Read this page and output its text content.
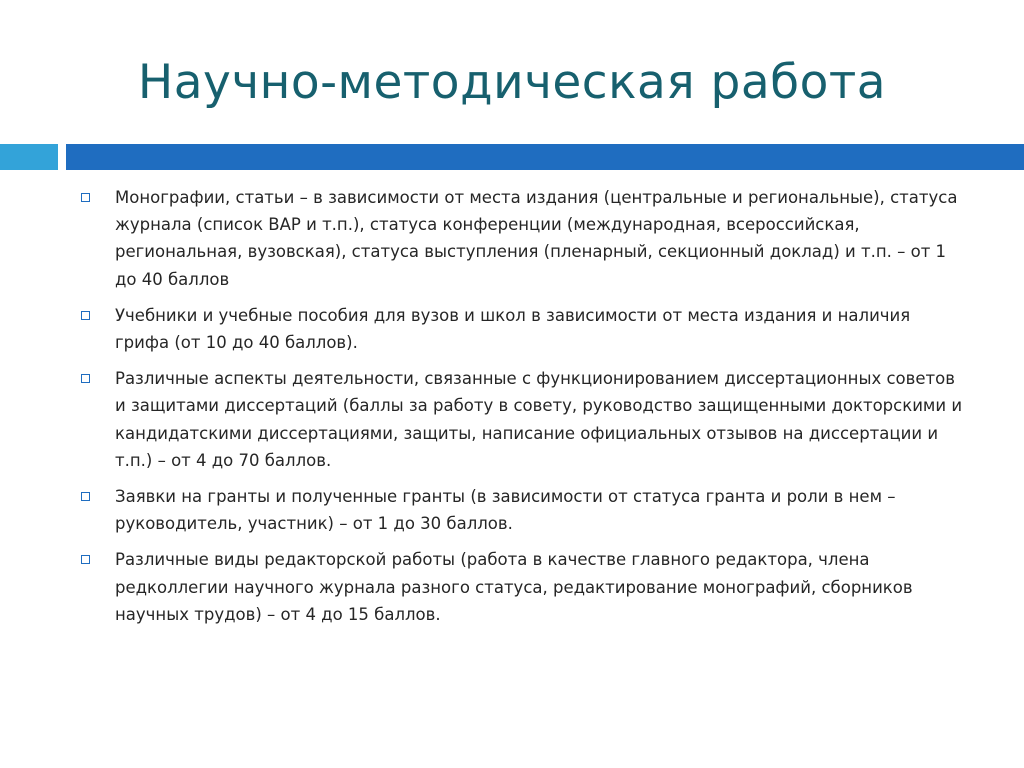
Научно-методическая работа
Монографии, статьи – в зависимости от места издания (центральные и региональные), статуса журнала (список ВАР и т.п.), статуса конференции (международная, всероссийская, региональная, вузовская), статуса выступления (пленарный, секционный доклад) и т.п. – от 1 до 40 баллов
Учебники и учебные пособия для вузов и школ в зависимости от места издания и наличия грифа (от 10 до 40 баллов).
Различные аспекты деятельности, связанные с функционированием диссертационных советов и защитами диссертаций (баллы за работу в совету, руководство защищенными докторскими и кандидатскими диссертациями, защиты, написание официальных отзывов на диссертации и т.п.) – от 4 до 70 баллов.
Заявки на гранты и полученные гранты (в зависимости от статуса гранта и роли в нем – руководитель, участник) – от 1 до 30 баллов.
Различные виды редакторской работы (работа в качестве главного редактора, члена редколлегии научного журнала разного статуса, редактирование монографий, сборников научных трудов) – от 4 до 15 баллов.
